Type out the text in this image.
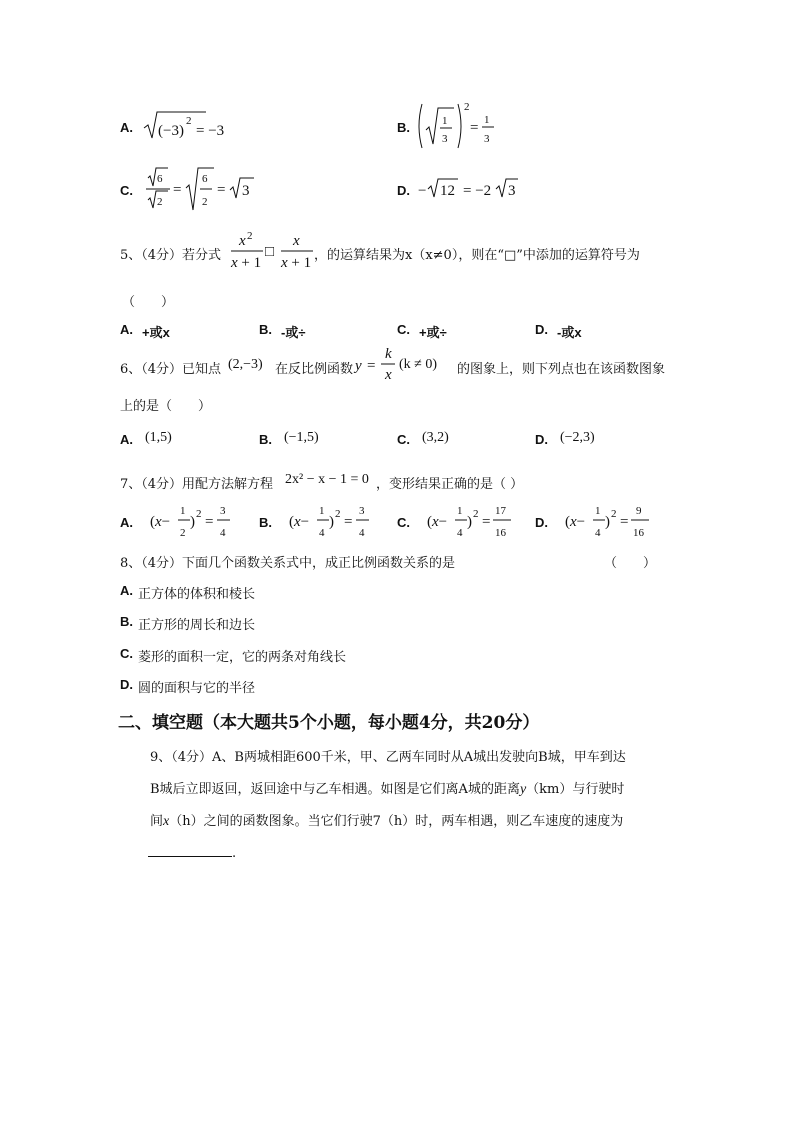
A. (−3)
2
= −3	B.	1
3
2
= 1
3
C.
6
2
=
6
2
= 3	D. − 12 = −2 3
5、（4分）若分式
x 2
x + 1
□
x
x + 1 ，的运算结果为x（x≠0），则在“□”中添加的运算符号为
（　　）
A. +或x	B. -或÷	C. +或÷	D. -或x
6、（4分）已知点 (2,−3) 在反比例函数 y =
k
x
(k ≠ 0) 的图象上，则下列点也在该函数图象
上的是（　　）
A. (1,5)	B. (−1,5)	C. (3,2)	D. (−2,3)
7、（4分）用配方法解方程 2x² − x − 1 = 0 ，变形结果正确的是（ ）
A. (x−
1
2
) 2 =
3
4
B. (x−
1
4
) 2 =
3
4
C. (x−
1
4
) 2 =
17
16
D. (x−
1
4
) 2 =
9
16
8、（4分）下面几个函数关系式中，成正比例函数关系的是	（　　）
A. 正方体的体积和棱长
B. 正方形的周长和边长
C. 菱形的面积一定，它的两条对角线长
D. 圆的面积与它的半径
二、填空题（本大题共5个小题，每小题4分，共20分）
9、（4分）A、B两城相距600千米，甲、乙两车同时从A城出发驶向B城，甲车到达
B城后立即返回，返回途中与乙车相遇。如图是它们离A城的距离y（km）与行驶时
间x（h）之间的函数图象。当它们行驶7（h）时，两车相遇，则乙车速度的速度为
.
